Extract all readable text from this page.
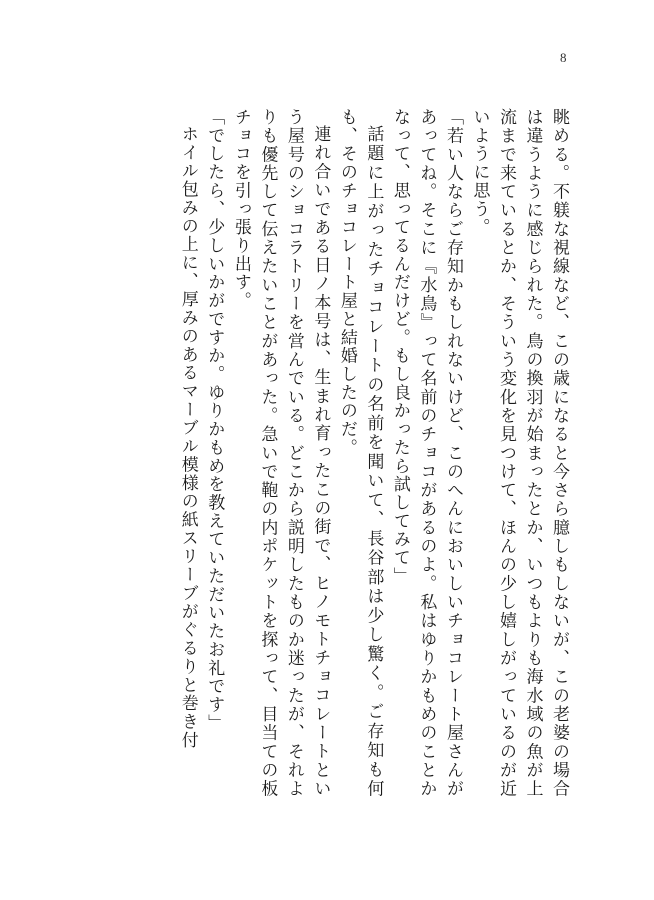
8

眺める。不躾な視線など、この歳になると今さら臆しもしないが、この老婆の場合は違うように感じられた。鳥の換羽が始まったとか、いつもよりも海水域の魚が上流まで来ているとか、そういう変化を見つけて、ほんの少し嬉しがっているのが近いように思う。

「若い人ならご存知かもしれないけど、このへんにおいしいチョコレート屋さんがあってね。そこに『水鳥』って名前のチョコがあるのよ。私はゆりかもめのことかなって、思ってるんだけど。もし良かったら試してみて」

話題に上がったチョコレートの名前を聞いて、長谷部は少し驚く。ご存知も何も、そのチョコレート屋と結婚したのだ。

連れ合いである日ノ本号は、生まれ育ったこの街で、ヒノモトチョコレートという屋号のショコラトリーを営んでいる。どこから説明したものか迷ったが、それよりも優先して伝えたいことがあった。急いで鞄の内ポケットを探って、目当ての板チョコを引っ張り出す。

「でしたら、少しいかがですか。ゆりかもめを教えていただいたお礼です」

ホイル包みの上に、厚みのあるマーブル模様の紙スリーブがぐるりと巻き付
